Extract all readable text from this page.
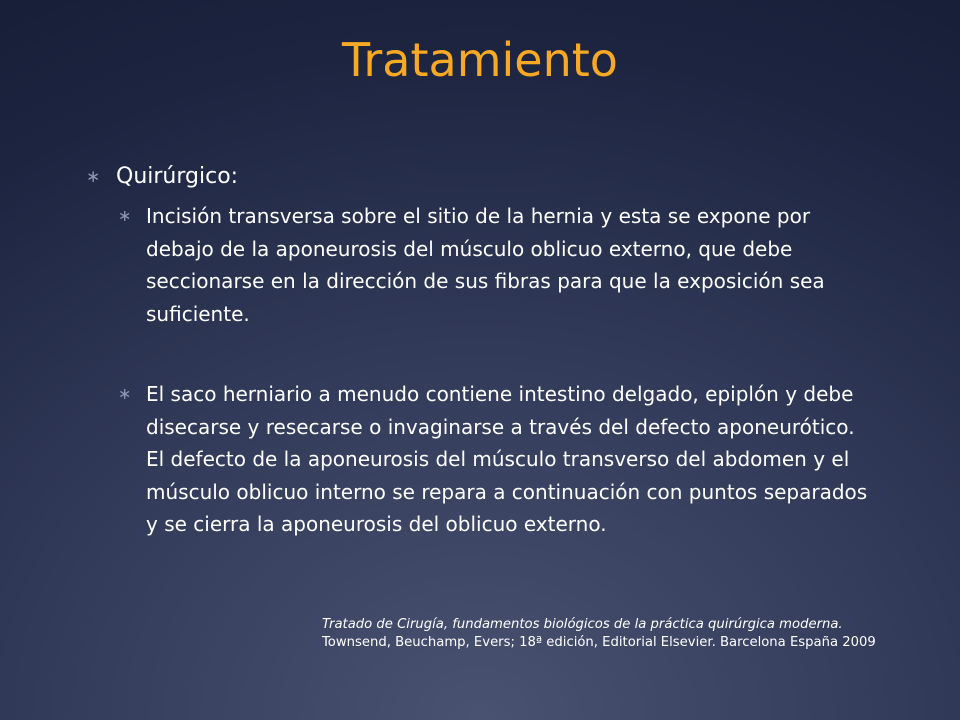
Tratamiento
∗ Quirúrgico:
∗ Incisión transversa sobre el sitio de la hernia y esta se expone por debajo de la aponeurosis del músculo oblicuo externo, que debe seccionarse en la dirección de sus fibras para que la exposición sea suficiente.
∗ El saco herniario a menudo contiene intestino delgado, epiplón y debe disecarse y resecarse o invaginarse a través del defecto aponeurótico. El defecto de la aponeurosis del músculo transverso del abdomen y el músculo oblicuo interno se repara a continuación con puntos separados y se cierra la aponeurosis del oblicuo externo.
Tratado de Cirugía, fundamentos biológicos de la práctica quirúrgica moderna. Townsend, Beuchamp, Evers; 18ª edición, Editorial Elsevier. Barcelona España 2009
